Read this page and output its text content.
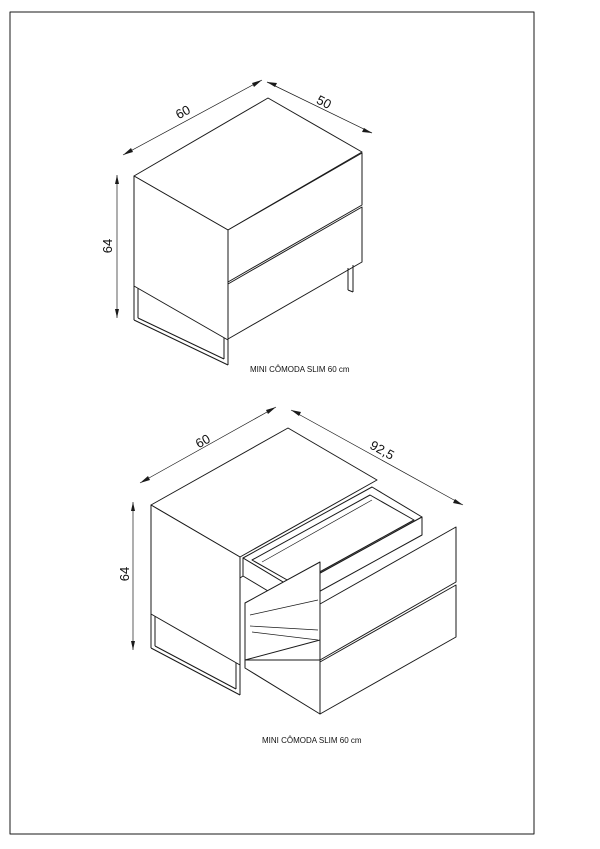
60
50
64
MINI CÔMODA SLIM 60 cm
60	92,5
64
MINI CÔMODA SLIM 60 cm
